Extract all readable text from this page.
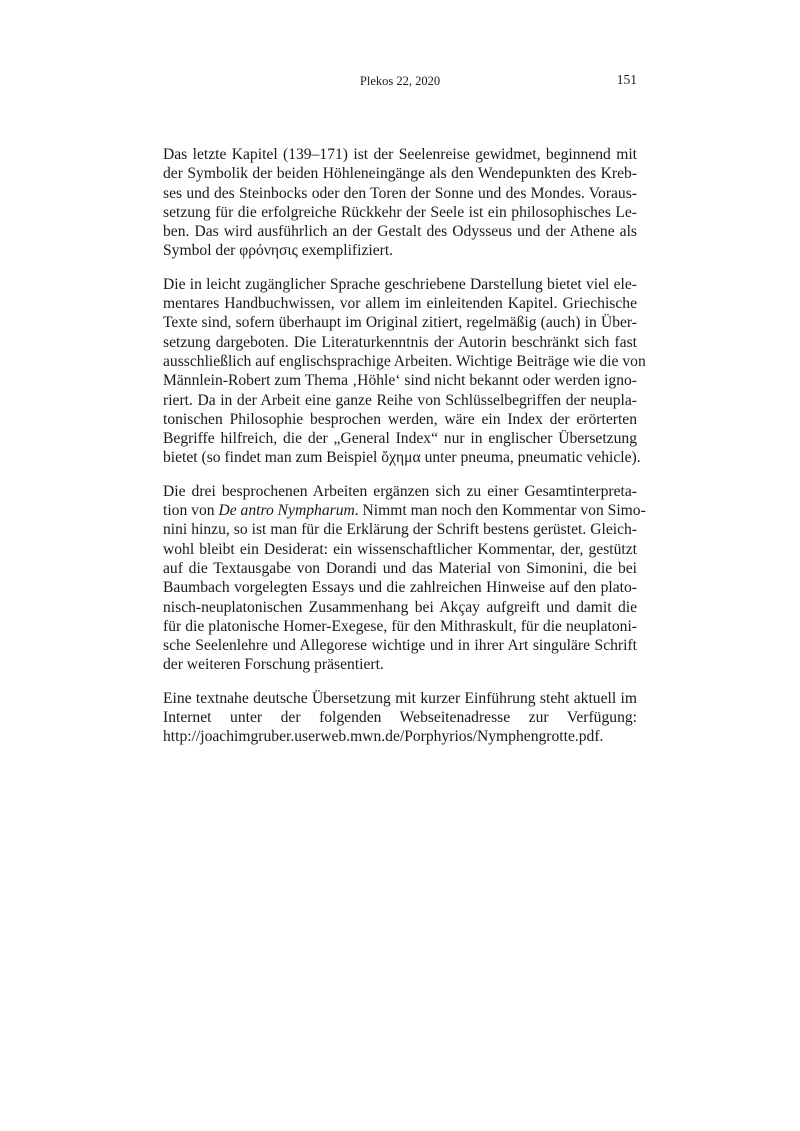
Plekos 22, 2020	151
Das letzte Kapitel (139–171) ist der Seelenreise gewidmet, beginnend mit
der Symbolik der beiden Höhleneingänge als den Wendepunkten des Kreb-
ses und des Steinbocks oder den Toren der Sonne und des Mondes. Voraus-
setzung für die erfolgreiche Rückkehr der Seele ist ein philosophisches Le-
ben. Das wird ausführlich an der Gestalt des Odysseus und der Athene als
Symbol der φρόνησις exemplifiziert.
Die in leicht zugänglicher Sprache geschriebene Darstellung bietet viel ele-
mentares Handbuchwissen, vor allem im einleitenden Kapitel. Griechische
Texte sind, sofern überhaupt im Original zitiert, regelmäßig (auch) in Über-
setzung dargeboten. Die Literaturkenntnis der Autorin beschränkt sich fast
ausschließlich auf englischsprachige Arbeiten. Wichtige Beiträge wie die von
Männlein-Robert zum Thema ‚Höhle‘ sind nicht bekannt oder werden igno-
riert. Da in der Arbeit eine ganze Reihe von Schlüsselbegriffen der neupla-
tonischen Philosophie besprochen werden, wäre ein Index der erörterten
Begriffe hilfreich, die der „General Index“ nur in englischer Übersetzung
bietet (so findet man zum Beispiel ὄχημα unter pneuma, pneumatic vehicle).
Die drei besprochenen Arbeiten ergänzen sich zu einer Gesamtinterpreta-
tion von De antro Nympharum. Nimmt man noch den Kommentar von Simo-
nini hinzu, so ist man für die Erklärung der Schrift bestens gerüstet. Gleich-
wohl bleibt ein Desiderat: ein wissenschaftlicher Kommentar, der, gestützt
auf die Textausgabe von Dorandi und das Material von Simonini, die bei
Baumbach vorgelegten Essays und die zahlreichen Hinweise auf den plato-
nisch-neuplatonischen Zusammenhang bei Akçay aufgreift und damit die
für die platonische Homer-Exegese, für den Mithraskult, für die neuplatoni-
sche Seelenlehre und Allegorese wichtige und in ihrer Art singuläre Schrift
der weiteren Forschung präsentiert.
Eine textnahe deutsche Übersetzung mit kurzer Einführung steht aktuell im
Internet unter der folgenden Webseitenadresse zur Verfügung:
http://joachimgruber.userweb.mwn.de/Porphyrios/Nymphengrotte.pdf.
